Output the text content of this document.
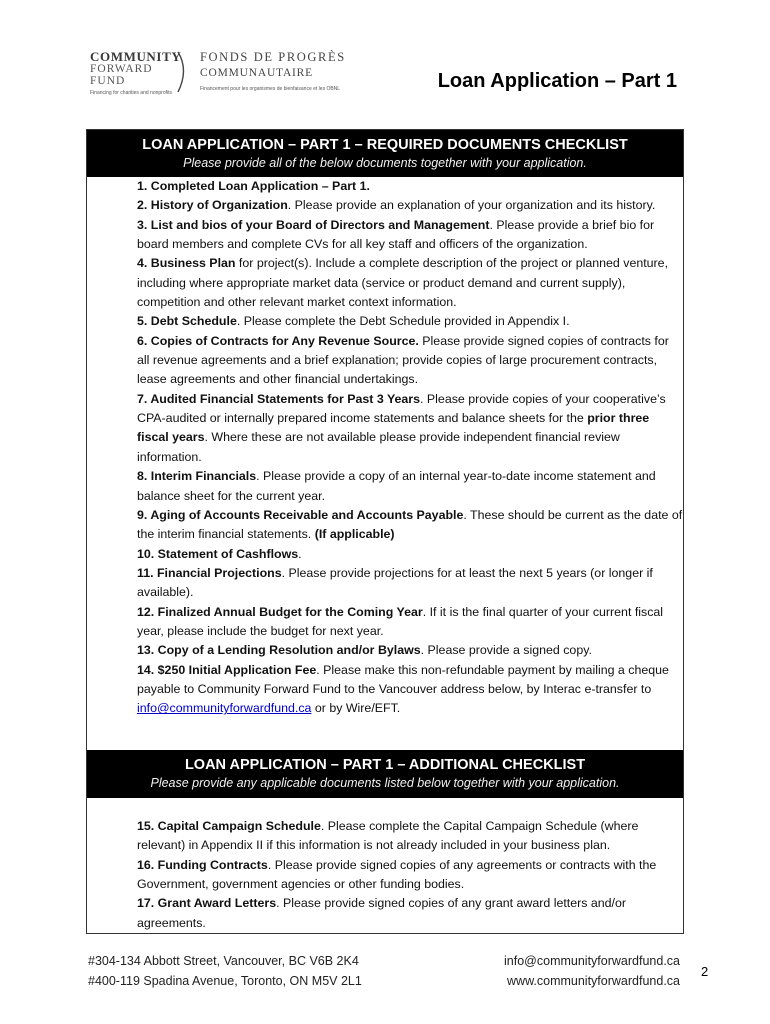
COMMUNITY
FORWARD
FUND
Financing for charities and nonprofits
FONDS DE PROGRÈS
COMMUNAUTAIRE
Financement pour les organismes de bienfaisance et les OBNL	Loan Application – Part 1
LOAN APPLICATION – PART 1 – REQUIRED DOCUMENTS CHECKLIST
Please provide all of the below documents together with your application.
1. Completed Loan Application – Part 1.
2. History of Organization. Please provide an explanation of your organization and its history.
3. List and bios of your Board of Directors and Management. Please provide a brief bio for board members and complete CVs for all key staff and officers of the organization.
4. Business Plan for project(s). Include a complete description of the project or planned venture, including where appropriate market data (service or product demand and current supply), competition and other relevant market context information.
5. Debt Schedule. Please complete the Debt Schedule provided in Appendix I.
6. Copies of Contracts for Any Revenue Source. Please provide signed copies of contracts for all revenue agreements and a brief explanation; provide copies of large procurement contracts, lease agreements and other financial undertakings.
7. Audited Financial Statements for Past 3 Years. Please provide copies of your cooperative’s CPA-audited or internally prepared income statements and balance sheets for the prior three fiscal years. Where these are not available please provide independent financial review information.
8. Interim Financials. Please provide a copy of an internal year-to-date income statement and balance sheet for the current year.
9. Aging of Accounts Receivable and Accounts Payable. These should be current as the date of the interim financial statements. (If applicable)
10. Statement of Cashflows.
11. Financial Projections. Please provide projections for at least the next 5 years (or longer if available).
12. Finalized Annual Budget for the Coming Year. If it is the final quarter of your current fiscal year, please include the budget for next year.
13. Copy of a Lending Resolution and/or Bylaws. Please provide a signed copy.
14. $250 Initial Application Fee. Please make this non-refundable payment by mailing a cheque payable to Community Forward Fund to the Vancouver address below, by Interac e-transfer to info@communityforwardfund.ca or by Wire/EFT.
LOAN APPLICATION – PART 1 – ADDITIONAL CHECKLIST
Please provide any applicable documents listed below together with your application.
15. Capital Campaign Schedule. Please complete the Capital Campaign Schedule (where relevant) in Appendix II if this information is not already included in your business plan.
16. Funding Contracts. Please provide signed copies of any agreements or contracts with the Government, government agencies or other funding bodies.
17. Grant Award Letters. Please provide signed copies of any grant award letters and/or agreements.
#304-134 Abbott Street, Vancouver, BC V6B 2K4
#400-119 Spadina Avenue, Toronto, ON M5V 2L1
info@communityforwardfund.ca
www.communityforwardfund.ca
2
